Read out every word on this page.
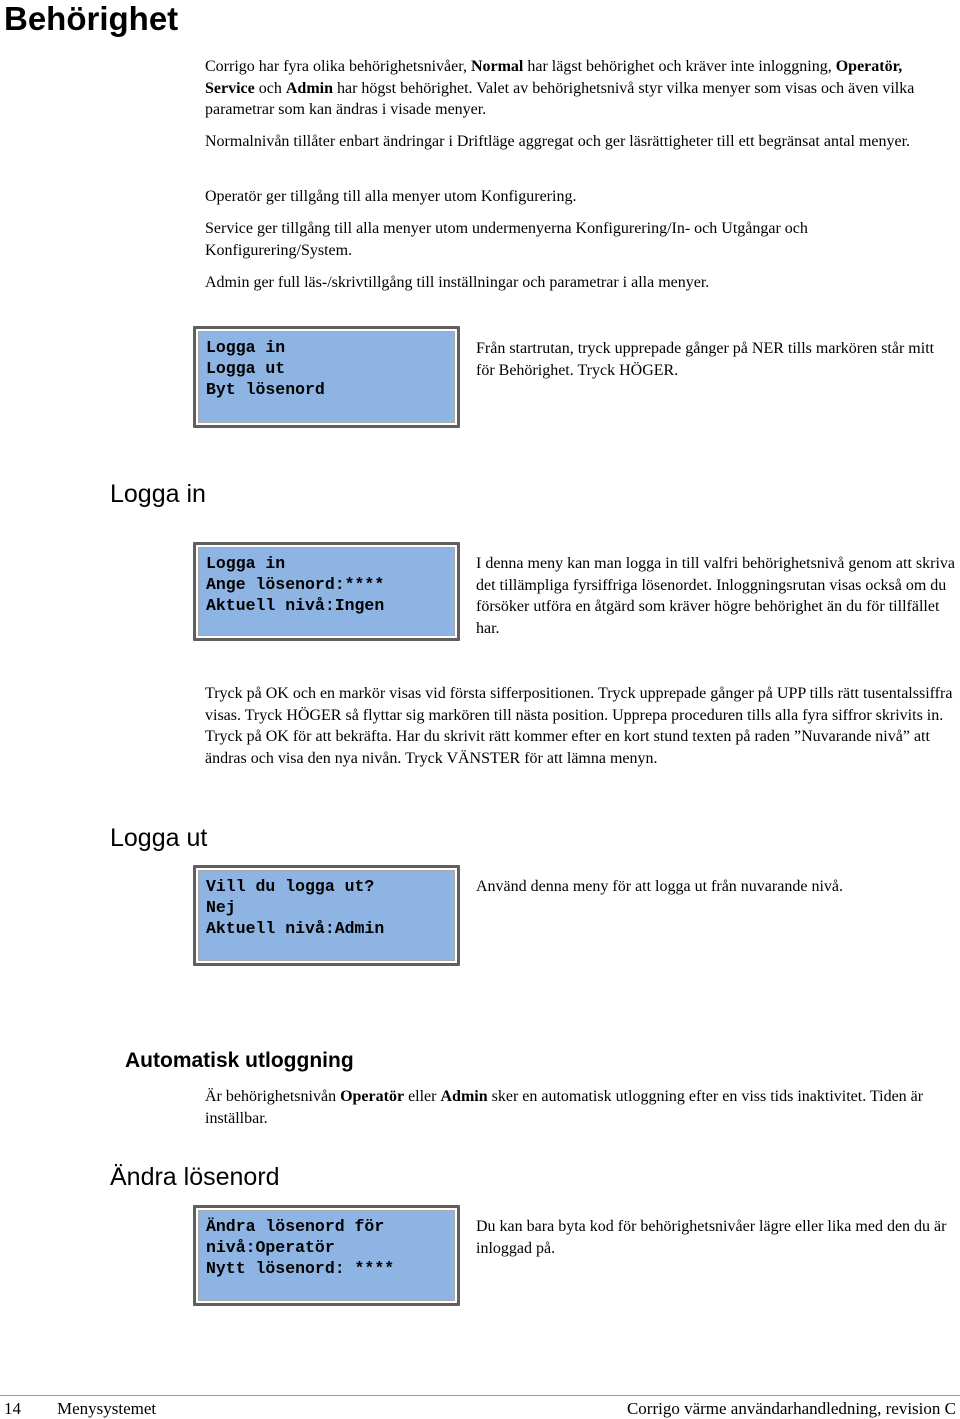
Behörighet

Corrigo har fyra olika behörighetsnivåer, Normal har lägst behörighet och kräver inte inloggning, Operatör, Service och Admin har högst behörighet. Valet av behörighetsnivå styr vilka menyer som visas och även vilka parametrar som kan ändras i visade menyer.

Normalnivån tillåter enbart ändringar i Driftläge aggregat och ger läsrättigheter till ett begränsat antal menyer.

Operatör ger tillgång till alla menyer utom Konfigurering.

Service ger tillgång till alla menyer utom undermenyerna Konfigurering/In- och Utgångar och Konfigurering/System.

Admin ger full läs-/skrivtillgång till inställningar och parametrar i alla menyer.

Logga in
Logga ut
Byt lösenord

Från startrutan, tryck upprepade gånger på NER tills markören står mitt för Behörighet. Tryck HÖGER.

Logga in
Logga in
Ange lösenord:****
Aktuell nivå:Ingen

I denna meny kan man logga in till valfri behörighetsnivå genom att skriva det tillämpliga fyrsiffriga lösenordet. Inloggningsrutan visas också om du försöker utföra en åtgärd som kräver högre behörighet än du för tillfället har.

Tryck på OK och en markör visas vid första sifferpositionen. Tryck upprepade gånger på UPP tills rätt tusentalssiffra visas. Tryck HÖGER så flyttar sig markören till nästa position. Upprepa proceduren tills alla fyra siffror skrivits in. Tryck på OK för att bekräfta. Har du skrivit rätt kommer efter en kort stund texten på raden ”Nuvarande nivå” att ändras och visa den nya nivån. Tryck VÄNSTER för att lämna menyn.

Logga ut
Vill du logga ut?
Nej
Aktuell nivå:Admin

Använd denna meny för att logga ut från nuvarande nivå.

Automatisk utloggning

Är behörighetsnivån Operatör eller Admin sker en automatisk utloggning efter en viss tids inaktivitet. Tiden är inställbar.

Ändra lösenord
Ändra lösenord för
nivå:Operatör
Nytt lösenord: ****

Du kan bara byta kod för behörighetsnivåer lägre eller lika med den du är inloggad på.

14 Menysystemet	Corrigo värme användarhandledning, revision C
